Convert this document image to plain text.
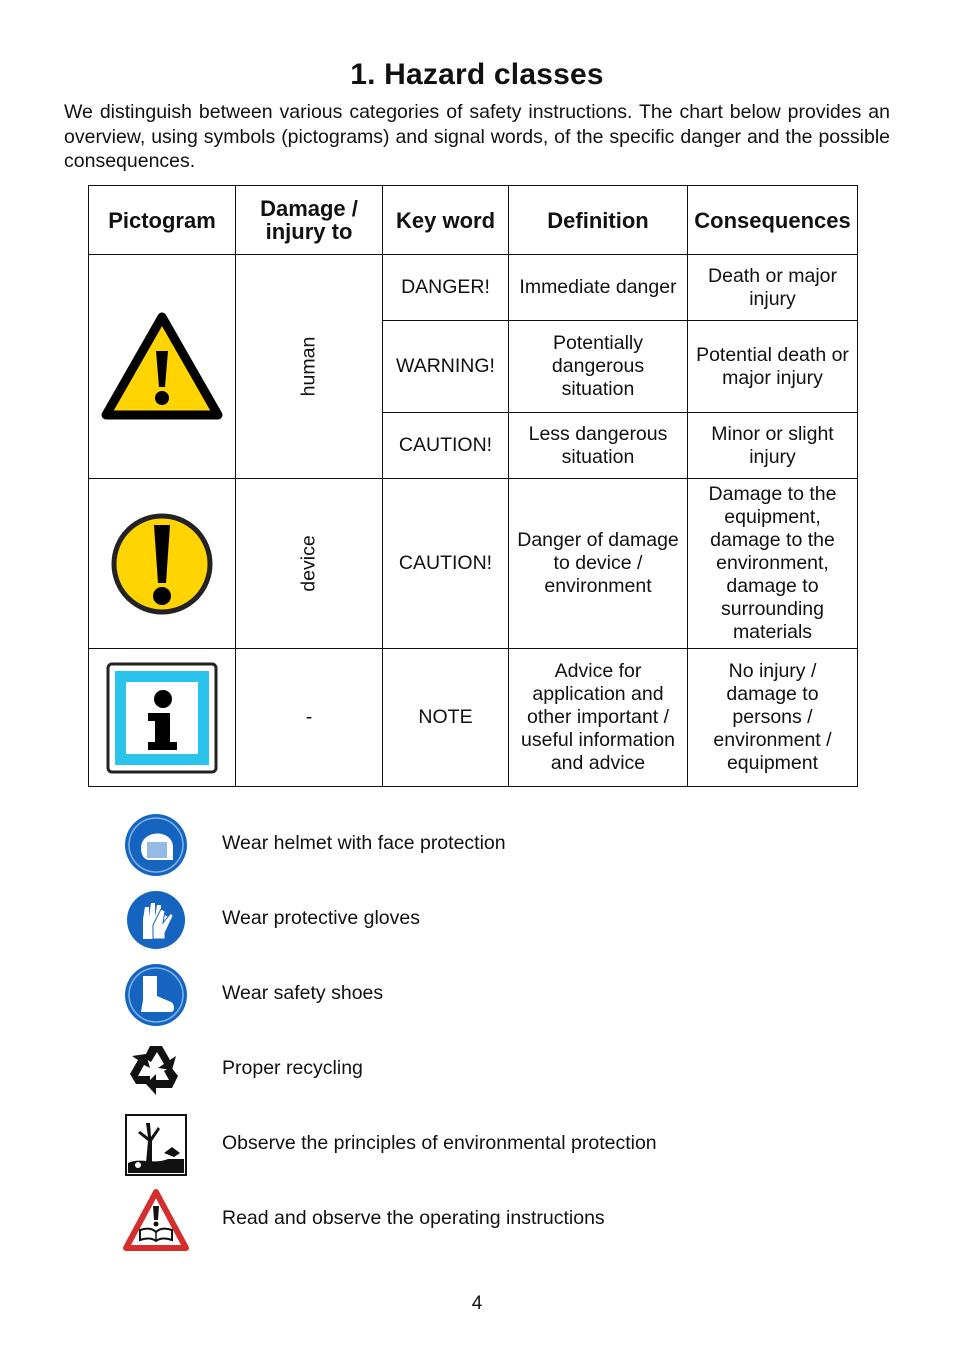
1. Hazard classes
We distinguish between various categories of safety instructions. The chart below provides an overview, using symbols (pictograms) and signal words, of the specific danger and the possible consequences.
Pictogram	Damage / injury to	Key word	Definition	Consequences

	human	DANGER!	Immediate danger	Death or major injury
		WARNING!	Potentially dangerous situation	Potential death or major injury
		CAUTION!	Less dangerous situation	Minor or slight injury

	device	CAUTION!	Danger of damage to device / environment	Damage to the equipment, damage to the environment, damage to surrounding materials

	-	NOTE	Advice for application and other important / useful information and advice	No injury / damage to persons / environment / equipment
Wear helmet with face protection
Wear protective gloves
Wear safety shoes
Proper recycling
Observe the principles of environmental protection
Read and observe the operating instructions
4
